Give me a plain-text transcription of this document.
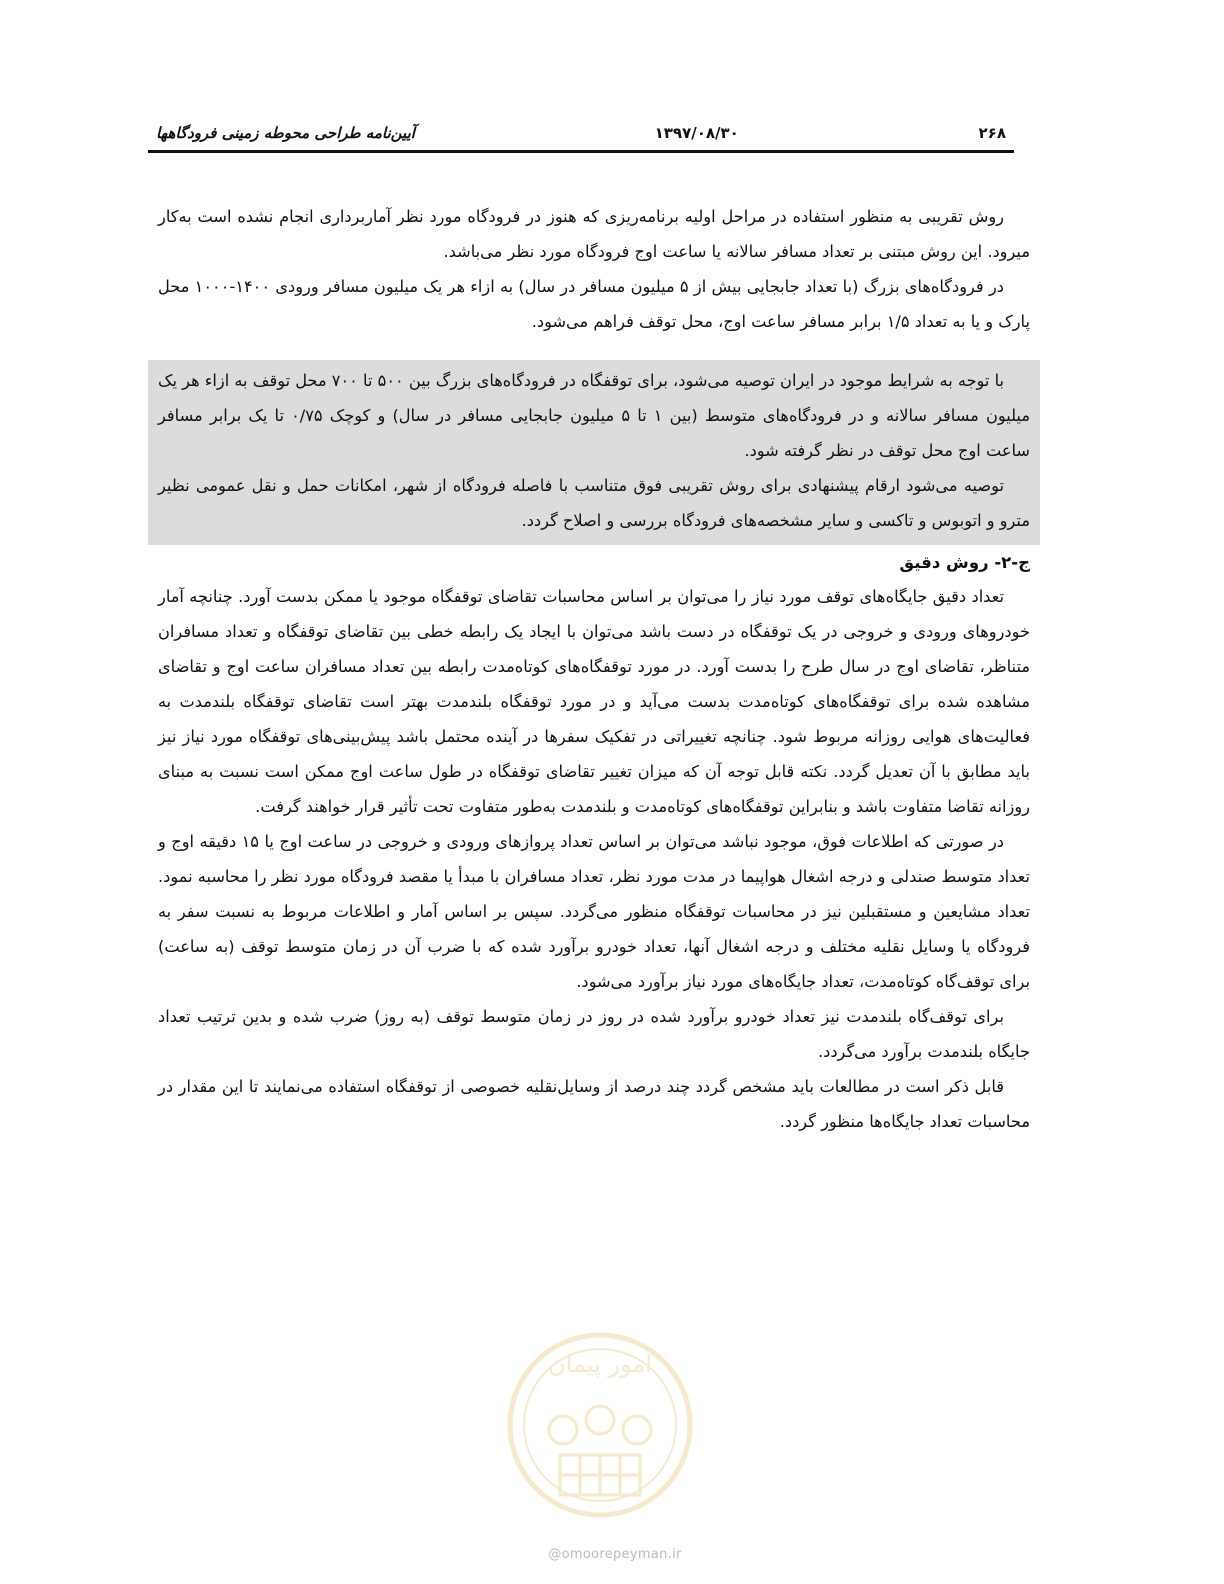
۲۶۸
۱۳۹۷/۰۸/۳۰
آیین‌نامه طراحی محوطه زمینی فرودگاهها

روش تقریبی به منظور استفاده در مراحل اولیه برنامه‌ریزی که هنوز در فرودگاه مورد نظر آماربرداری انجام نشده است به‌کار میرود. این روش مبتنی بر تعداد مسافر سالانه یا ساعت اوج فرودگاه مورد نظر می‌باشد.

در فرودگاه‌های بزرگ (با تعداد جابجایی بیش از ۵ میلیون مسافر در سال) به ازاء هر یک میلیون مسافر ورودی ۱۴۰۰-۱۰۰۰ محل پارک و یا به تعداد ۱/۵ برابر مسافر ساعت اوج، محل توقف فراهم می‌شود.

با توجه به شرایط موجود در ایران توصیه می‌شود، برای توقفگاه در فرودگاه‌های بزرگ بین ۵۰۰ تا ۷۰۰ محل توقف به ازاء هر یک میلیون مسافر سالانه و در فرودگاه‌های متوسط (بین ۱ تا ۵ میلیون جابجایی مسافر در سال) و کوچک ۰/۷۵ تا یک برابر مسافر ساعت اوج محل توقف در نظر گرفته شود.

توصیه می‌شود ارقام پیشنهادی برای روش تقریبی فوق متناسب با فاصله فرودگاه از شهر، امکانات حمل و نقل عمومی نظیر مترو و اتوبوس و تاکسی و سایر مشخصه‌های فرودگاه بررسی و اصلاح گردد.

ج-۲- روش دقیق

تعداد دقیق جایگاه‌های توقف مورد نیاز را می‌توان بر اساس محاسبات تقاضای توقفگاه موجود یا ممکن بدست آورد. چنانچه آمار خودروهای ورودی و خروجی در یک توقفگاه در دست باشد می‌توان با ایجاد یک رابطه خطی بین تقاضای توقفگاه و تعداد مسافران متناظر، تقاضای اوج در سال طرح را بدست آورد. در مورد توقفگاه‌های کوتاه‌مدت رابطه بین تعداد مسافران ساعت اوج و تقاضای مشاهده شده برای توقفگاه‌های کوتاه‌مدت بدست می‌آید و در مورد توقفگاه بلندمدت بهتر است تقاضای توقفگاه بلندمدت به فعالیت‌های هوایی روزانه مربوط شود. چنانچه تغییراتی در تفکیک سفرها در آینده محتمل باشد پیش‌بینی‌های توقفگاه مورد نیاز نیز باید مطابق با آن تعدیل گردد. نکته قابل توجه آن که میزان تغییر تقاضای توقفگاه در طول ساعت اوج ممکن است نسبت به مبنای روزانه تقاضا متفاوت باشد و بنابراین توقفگاه‌های کوتاه‌مدت و بلندمدت به‌طور متفاوت تحت تأثیر قرار خواهند گرفت.

در صورتی که اطلاعات فوق، موجود نباشد می‌توان بر اساس تعداد پروازهای ورودی و خروجی در ساعت اوج یا ۱۵ دقیقه اوج و تعداد متوسط صندلی و درجه اشغال هواپیما در مدت مورد نظر، تعداد مسافران با مبدأ یا مقصد فرودگاه مورد نظر را محاسبه نمود. تعداد مشایعین و مستقبلین نیز در محاسبات توقفگاه منظور می‌گردد. سپس بر اساس آمار و اطلاعات مربوط به نسبت سفر به فرودگاه یا وسایل نقلیه مختلف و درجه اشغال آنها، تعداد خودرو برآورد شده که با ضرب آن در زمان متوسط توقف (به ساعت) برای توقف‌گاه کوتاه‌مدت، تعداد جایگاه‌های مورد نیاز برآورد می‌شود.

برای توقف‌گاه بلندمدت نیز تعداد خودرو برآورد شده در روز در زمان متوسط توقف (به روز) ضرب شده و بدین ترتیب تعداد جایگاه بلندمدت برآورد می‌گردد.

قابل ذکر است در مطالعات باید مشخص گردد چند درصد از وسایل‌نقلیه خصوصی از توقفگاه استفاده می‌نمایند تا این مقدار در محاسبات تعداد جایگاه‌ها منظور گردد.

امور پیمان
@omoorepeyman.ir
